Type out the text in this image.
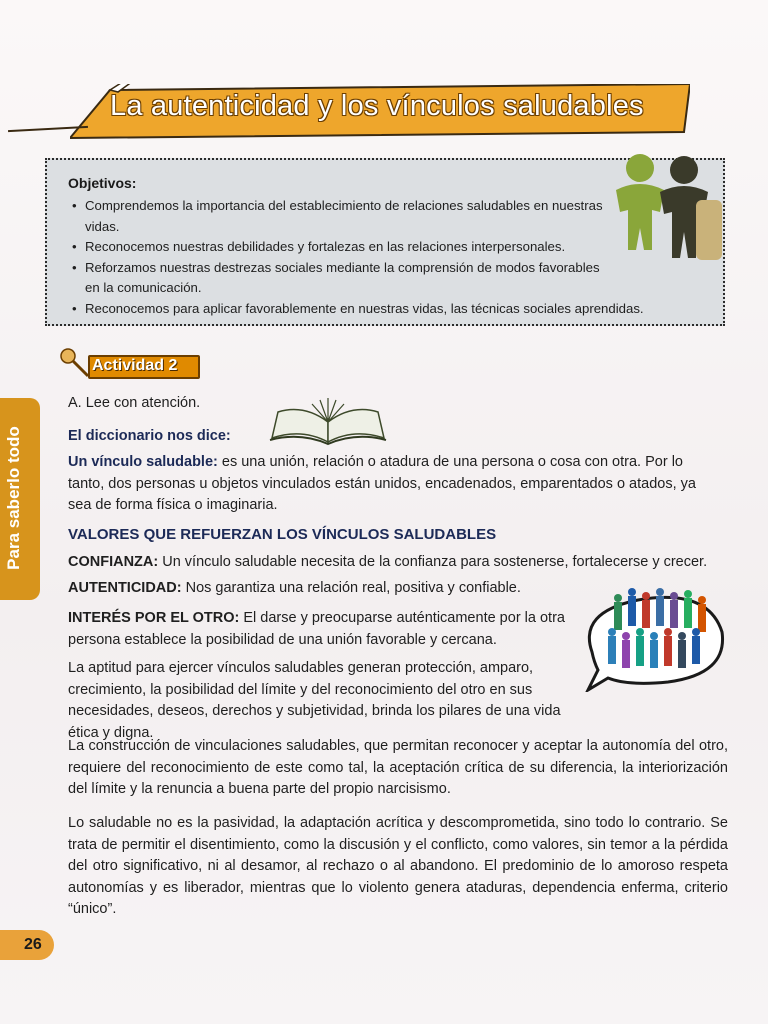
La autenticidad y los vínculos saludables
Objetivos:
• Comprendemos la importancia del establecimiento de relaciones saludables en nuestras vidas.
• Reconocemos nuestras debilidades y fortalezas en las relaciones interpersonales.
• Reforzamos nuestras destrezas sociales mediante la comprensión de modos favorables en la comunicación.
• Reconocemos para aplicar favorablemente en nuestras vidas, las técnicas sociales aprendidas.
Para saberlo todo
Actividad 2
A. Lee con atención.
El diccionario nos dice:
Un vínculo saludable: es una unión, relación o atadura de una persona o cosa con otra. Por lo tanto, dos personas u objetos vinculados están unidos, encadenados, emparentados o atados, ya sea de forma física o imaginaria.
VALORES QUE REFUERZAN LOS VÍNCULOS SALUDABLES
CONFIANZA: Un vínculo saludable necesita de la confianza para sostenerse, fortalecerse y crecer.
AUTENTICIDAD: Nos garantiza una relación real, positiva y confiable.
INTERÉS POR EL OTRO: El darse y preocuparse auténticamente por la otra persona establece la posibilidad de una unión favorable y cercana.
La aptitud para ejercer vínculos saludables generan protección, amparo, crecimiento, la posibilidad del límite y del reconocimiento del otro en sus necesidades, deseos, derechos y subjetividad, brinda los pilares de una vida ética y digna.
La construcción de vinculaciones saludables, que permitan reconocer y aceptar la autonomía del otro, requiere del reconocimiento de este como tal, la aceptación crítica de su diferencia, la interiorización del límite y la renuncia a buena parte del propio narcisismo.
Lo saludable no es la pasividad, la adaptación acrítica y descomprometida, sino todo lo contrario. Se trata de permitir el disentimiento, como la discusión y el conflicto, como valores, sin temor a la pérdida del otro significativo, ni al desamor, al rechazo o al abandono. El predominio de lo amoroso respeta autonomías y es liberador, mientras que lo violento genera ataduras, dependencia enferma, criterio “único”.
26
